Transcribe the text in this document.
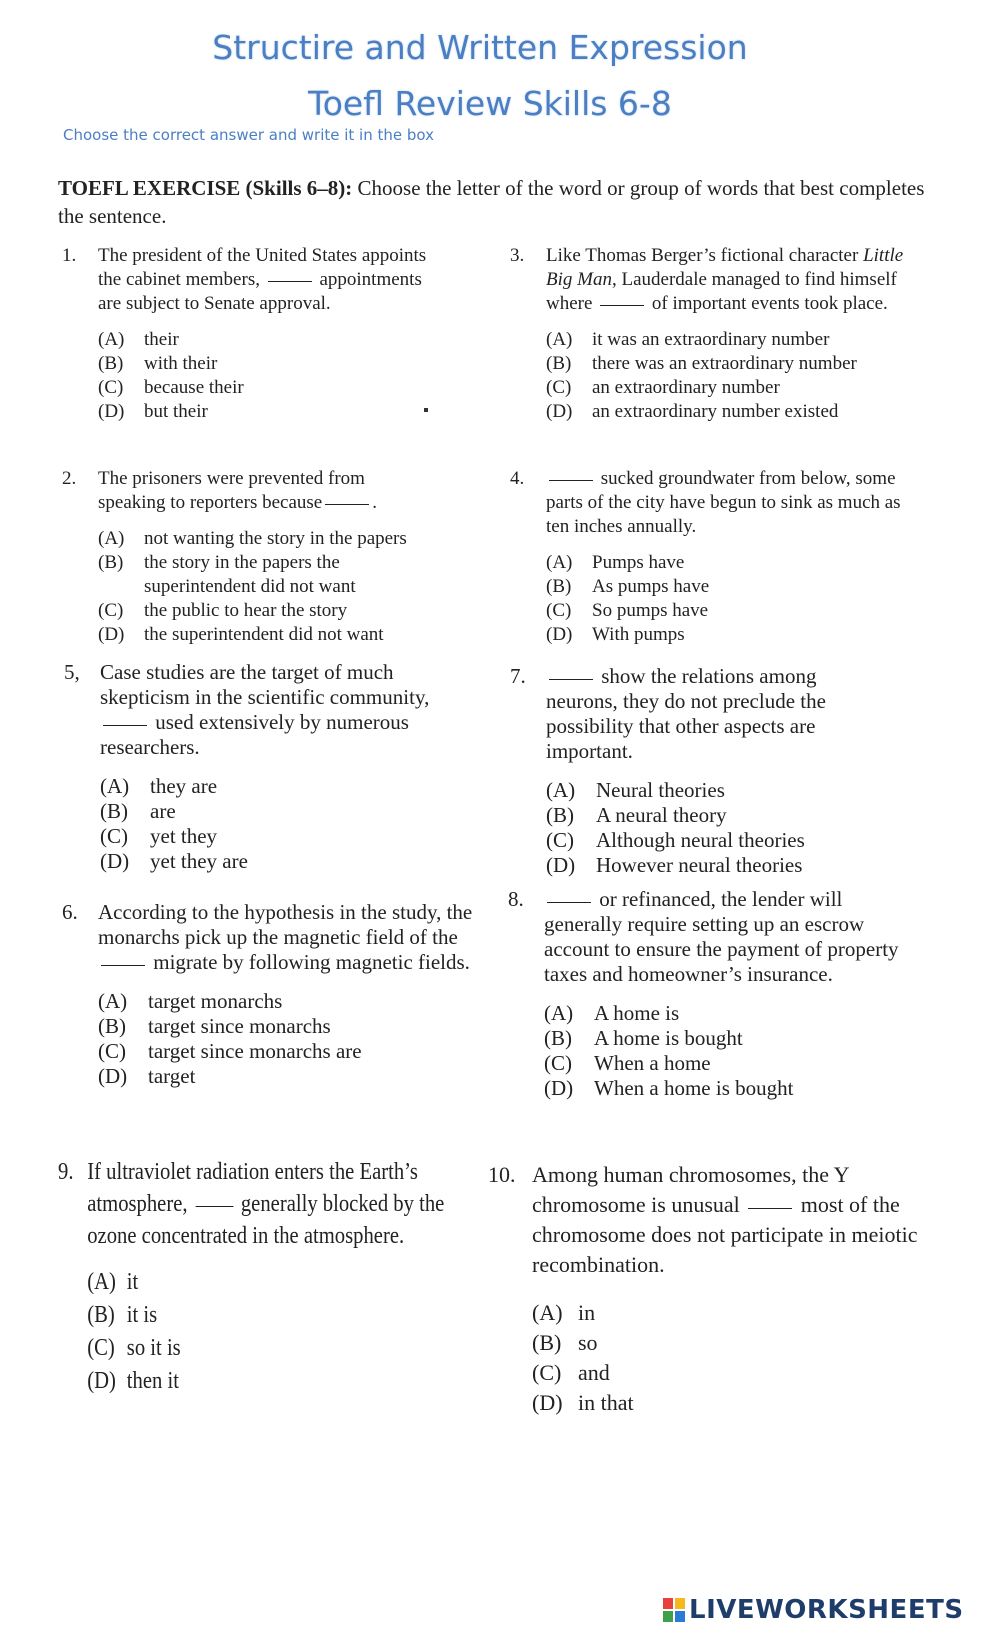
Structire and Written Expression
Toefl Review Skills 6-8
Choose the correct answer and write it in the box
TOEFL EXERCISE (Skills 6–8): Choose the letter of the word or group of words that best completes the sentence.
1. The president of the United States appoints the cabinet members,	appointments are subject to Senate approval.
(A)	their
(B)	with their
(C)	because their
(D)	but their
2. The prisoners were prevented from speaking to reporters because	.
(A)	not wanting the story in the papers
(B)	the story in the papers the superintendent did not want
(C)	the public to hear the story
(D)	the superintendent did not want
3. Like Thomas Berger’s fictional character Little Big Man, Lauderdale managed to find himself where	of important events took place.
(A)	it was an extraordinary number
(B)	there was an extraordinary number
(C)	an extraordinary number
(D)	an extraordinary number existed
4.	sucked groundwater from below, some parts of the city have begun to sink as much as ten inches annually.
(A)	Pumps have
(B)	As pumps have
(C)	So pumps have
(D)	With pumps
5, Case studies are the target of much skepticism in the scientific community,  used extensively by numerous researchers.
(A) they are
(B)	are
(C)	yet they
(D) yet they are
6. According to the hypothesis in the study, the monarchs pick up the magnetic field of the  migrate by following magnetic fields.
(A) target monarchs
(B)	target since monarchs
(C)	target since monarchs are
(D) target
7.	show the relations among neurons, they do not preclude the possibility that other aspects are important.
(A) Neural theories
(B)	A neural theory
(C)	Although neural theories
(D) However neural theories
8.	or refinanced, the lender will generally require setting up an escrow account to ensure the payment of property taxes and homeowner’s insurance.
(A) A home is
(B)	A home is bought
(C)	When a home
(D) When a home is bought
9. If ultraviolet radiation enters the Earth’s atmosphere, generally blocked by the ozone concentrated in the atmosphere.
(A) it
(B) it is
(C) so it is
(D) then it
10. Among human chromosomes, the Y chromosome is unusual	most of the chromosome does not participate in meiotic recombination.
(A) in
(B) so
(C) and
(D) in that
LIVEWORKSHEETS
